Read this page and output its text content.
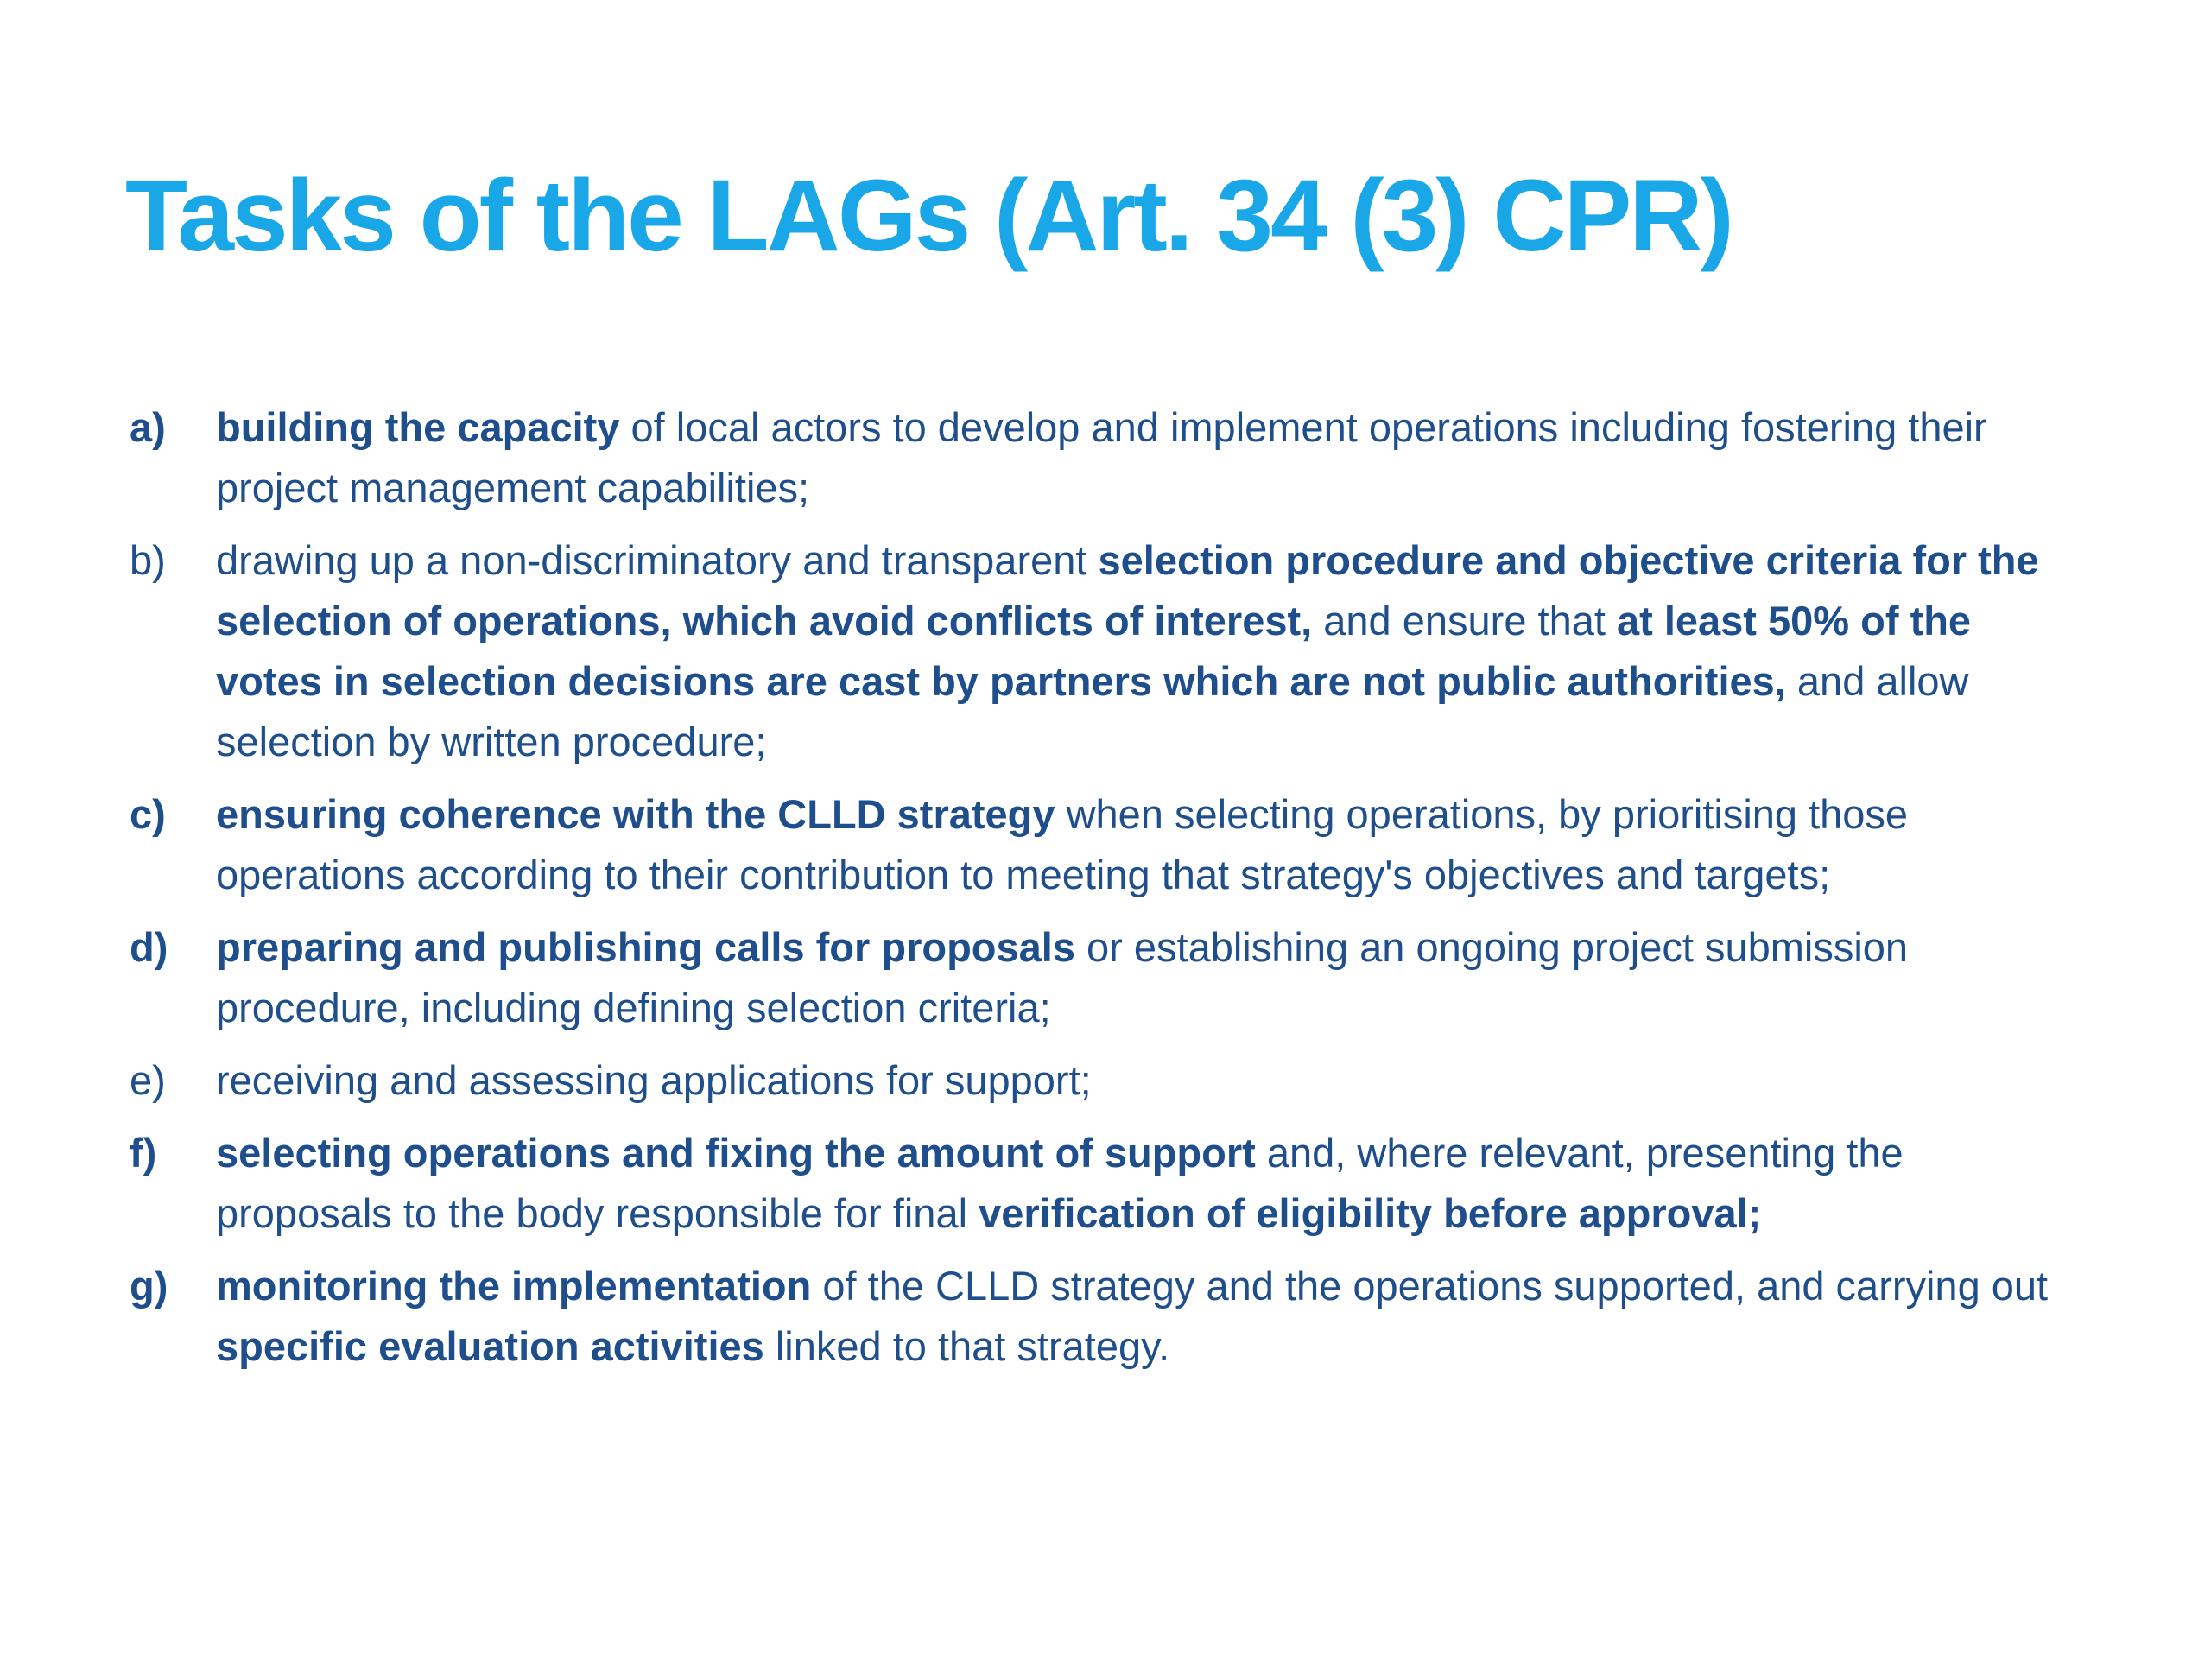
Tasks of the LAGs (Art. 34 (3) CPR)
a) building the capacity of local actors to develop and implement operations including fostering their project management capabilities;
b) drawing up a non-discriminatory and transparent selection procedure and objective criteria for the selection of operations, which avoid conflicts of interest, and ensure that at least 50% of the votes in selection decisions are cast by partners which are not public authorities, and allow selection by written procedure;
c) ensuring coherence with the CLLD strategy when selecting operations, by prioritising those operations according to their contribution to meeting that strategy's objectives and targets;
d) preparing and publishing calls for proposals or establishing an ongoing project submission procedure, including defining selection criteria;
e) receiving and assessing applications for support;
f) selecting operations and fixing the amount of support and, where relevant, presenting the proposals to the body responsible for final verification of eligibility before approval;
g) monitoring the implementation of the CLLD strategy and the operations supported, and carrying out specific evaluation activities linked to that strategy.
